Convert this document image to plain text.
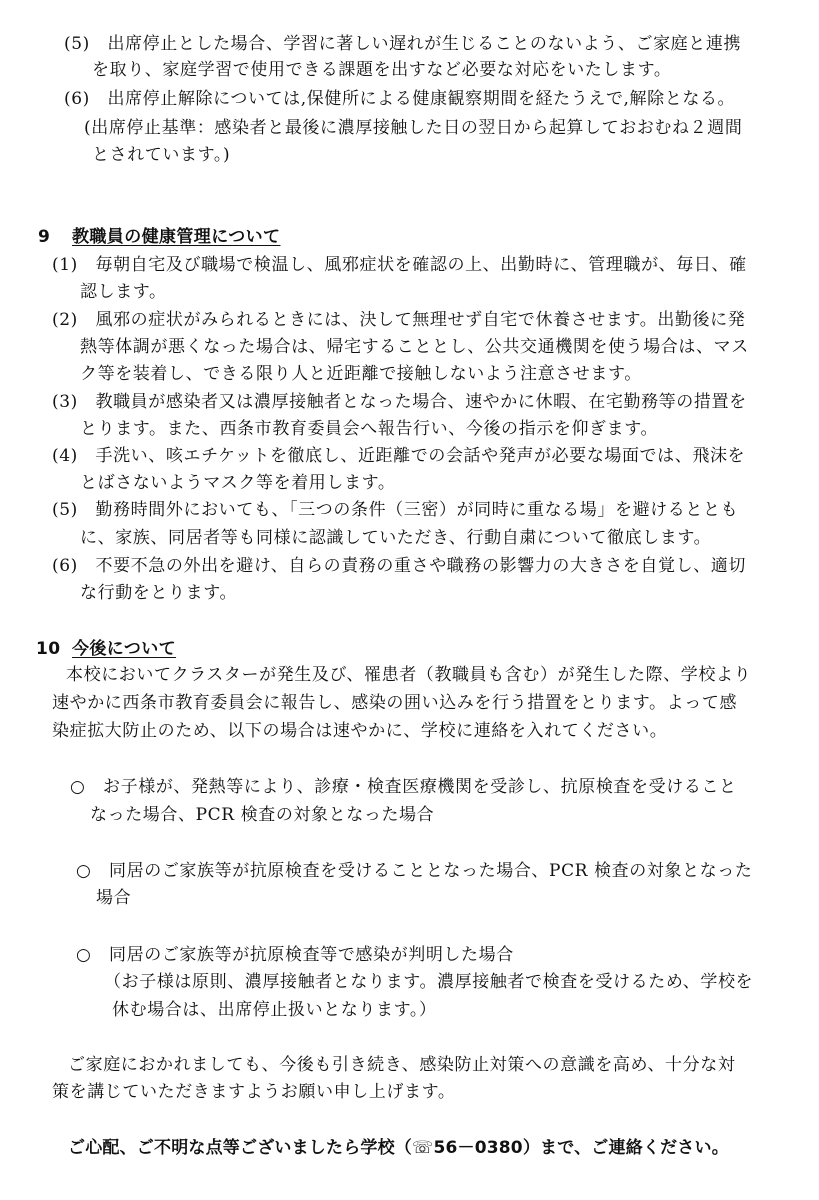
(5)　出席停止とした場合、学習に著しい遅れが生じることのないよう、ご家庭と連携
を取り、家庭学習で使用できる課題を出すなど必要な対応をいたします。
(6)　出席停止解除については,保健所による健康観察期間を経たうえで,解除となる。
(出席停止基準：感染者と最後に濃厚接触した日の翌日から起算しておおむね２週間
とされています。)
9 教職員の健康管理について
(1)　毎朝自宅及び職場で検温し、風邪症状を確認の上、出勤時に、管理職が、毎日、確
認します。
(2)　風邪の症状がみられるときには、決して無理せず自宅で休養させます。出勤後に発
熱等体調が悪くなった場合は、帰宅することとし、公共交通機関を使う場合は、マス
ク等を装着し、できる限り人と近距離で接触しないよう注意させます。
(3)　教職員が感染者又は濃厚接触者となった場合、速やかに休暇、在宅勤務等の措置を
とります。また、西条市教育委員会へ報告行い、今後の指示を仰ぎます。
(4)　手洗い、咳エチケットを徹底し、近距離での会話や発声が必要な場面では、飛沫を
とばさないようマスク等を着用します。
(5)　勤務時間外においても、「三つの条件（三密）が同時に重なる場」を避けるととも
に、家族、同居者等も同様に認識していただき、行動自粛について徹底します。
(6)　不要不急の外出を避け、自らの責務の重さや職務の影響力の大きさを自覚し、適切
な行動をとります。
10 今後について
本校においてクラスターが発生及び、罹患者（教職員も含む）が発生した際、学校より
速やかに西条市教育委員会に報告し、感染の囲い込みを行う措置をとります。よって感
染症拡大防止のため、以下の場合は速やかに、学校に連絡を入れてください。
○　お子様が、発熱等により、診療・検査医療機関を受診し、抗原検査を受けること
なった場合、PCR 検査の対象となった場合
○　同居のご家族等が抗原検査を受けることとなった場合、PCR 検査の対象となった
場合
○　同居のご家族等が抗原検査等で感染が判明した場合
（お子様は原則、濃厚接触者となります。濃厚接触者で検査を受けるため、学校を
休む場合は、出席停止扱いとなります。）
ご家庭におかれましても、今後も引き続き、感染防止対策への意識を高め、十分な対
策を講じていただきますようお願い申し上げます。
ご心配、ご不明な点等ございましたら学校（☏56－0380）まで、ご連絡ください。
